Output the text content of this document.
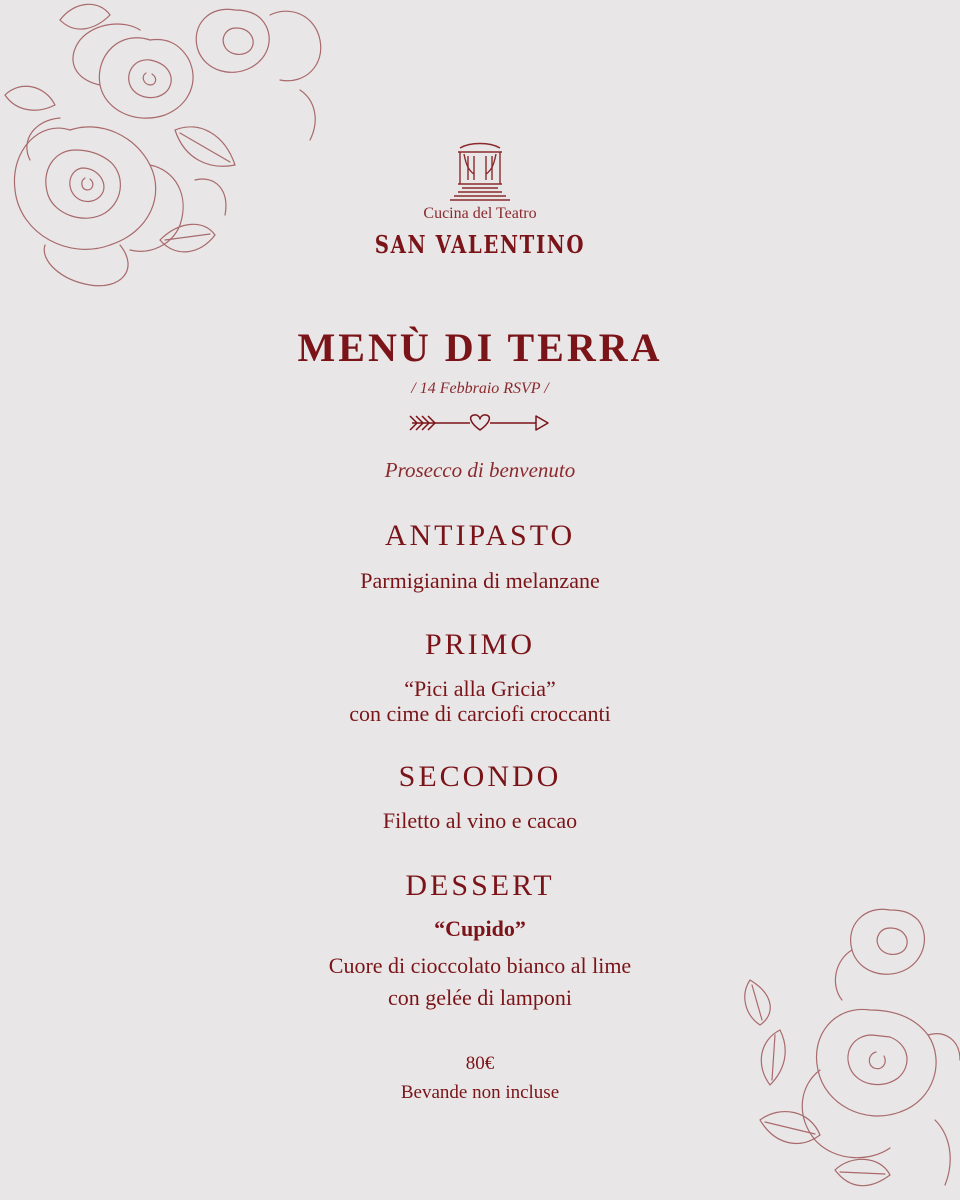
Cucina del Teatro
SAN VALENTINO
MENÙ DI TERRA
/ 14 Febbraio RSVP /
Prosecco di benvenuto
ANTIPASTO
Parmigianina di melanzane
PRIMO
“Pici alla Gricia”
con cime di carciofi croccanti
SECONDO
Filetto al vino e cacao
DESSERT
“Cupido”
Cuore di cioccolato bianco al lime
con gelée di lamponi
80€
Bevande non incluse
